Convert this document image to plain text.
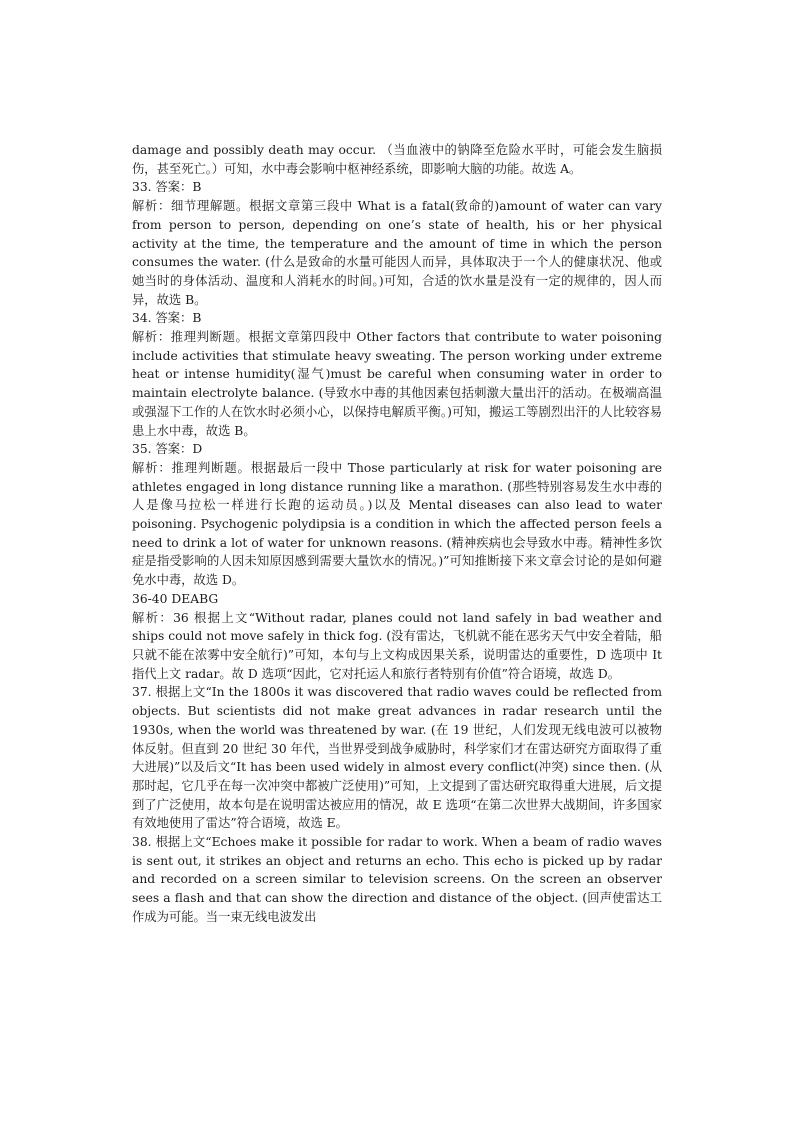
damage and possibly death may occur. （当血液中的钠降至危险水平时，可能会发生脑损伤，甚至死亡。）可知，水中毒会影响中枢神经系统，即影响大脑的功能。故选 A。

33. 答案：B

解析：细节理解题。根据文章第三段中 What is a fatal(致命的)amount of water can vary from person to person, depending on one’s state of health, his or her physical activity at the time, the temperature and the amount of time in which the person consumes the water. (什么是致命的水量可能因人而异，具体取决于一个人的健康状况、他或她当时的身体活动、温度和人消耗水的时间。)可知，合适的饮水量是没有一定的规律的，因人而异，故选 B。

34. 答案：B

解析：推理判断题。根据文章第四段中 Other factors that contribute to water poisoning include activities that stimulate heavy sweating. The person working under extreme heat or intense humidity(湿气)must be careful when consuming water in order to maintain electrolyte balance. (导致水中毒的其他因素包括刺激大量出汗的活动。在极端高温或强湿下工作的人在饮水时必须小心，以保持电解质平衡。)可知，搬运工等剧烈出汗的人比较容易患上水中毒，故选 B。

35. 答案：D

解析：推理判断题。根据最后一段中 Those particularly at risk for water poisoning are athletes engaged in long distance running like a marathon. (那些特别容易发生水中毒的人是像马拉松一样进行长跑的运动员。)以及 Mental diseases can also lead to water poisoning. Psychogenic polydipsia is a condition in which the affected person feels a need to drink a lot of water for unknown reasons. (精神疾病也会导致水中毒。精神性多饮症是指受影响的人因未知原因感到需要大量饮水的情况。)”可知推断接下来文章会讨论的是如何避免水中毒，故选 D。

36-40 DEABG

解析：36 根据上文“Without radar, planes could not land safely in bad weather and ships could not move safely in thick fog. (没有雷达，飞机就不能在恶劣天气中安全着陆，船只就不能在浓雾中安全航行)”可知，本句与上文构成因果关系，说明雷达的重要性，D 选项中 It 指代上文 radar。故 D 选项“因此，它对托运人和旅行者特别有价值”符合语境，故选 D。

37. 根据上文“In the 1800s it was discovered that radio waves could be reflected from objects. But scientists did not make great advances in radar research until the 1930s, when the world was threatened by war. (在 19 世纪，人们发现无线电波可以被物体反射。但直到 20 世纪 30 年代，当世界受到战争威胁时，科学家们才在雷达研究方面取得了重大进展)”以及后文“It has been used widely in almost every conflict(冲突) since then. (从那时起，它几乎在每一次冲突中都被广泛使用)”可知，上文提到了雷达研究取得重大进展，后文提到了广泛使用，故本句是在说明雷达被应用的情况，故 E 选项“在第二次世界大战期间，许多国家有效地使用了雷达”符合语境，故选 E。

38. 根据上文“Echoes make it possible for radar to work. When a beam of radio waves is sent out, it strikes an object and returns an echo. This echo is picked up by radar and recorded on a screen similar to television screens. On the screen an observer sees a flash and that can show the direction and distance of the object. (回声使雷达工作成为可能。当一束无线电波发出
